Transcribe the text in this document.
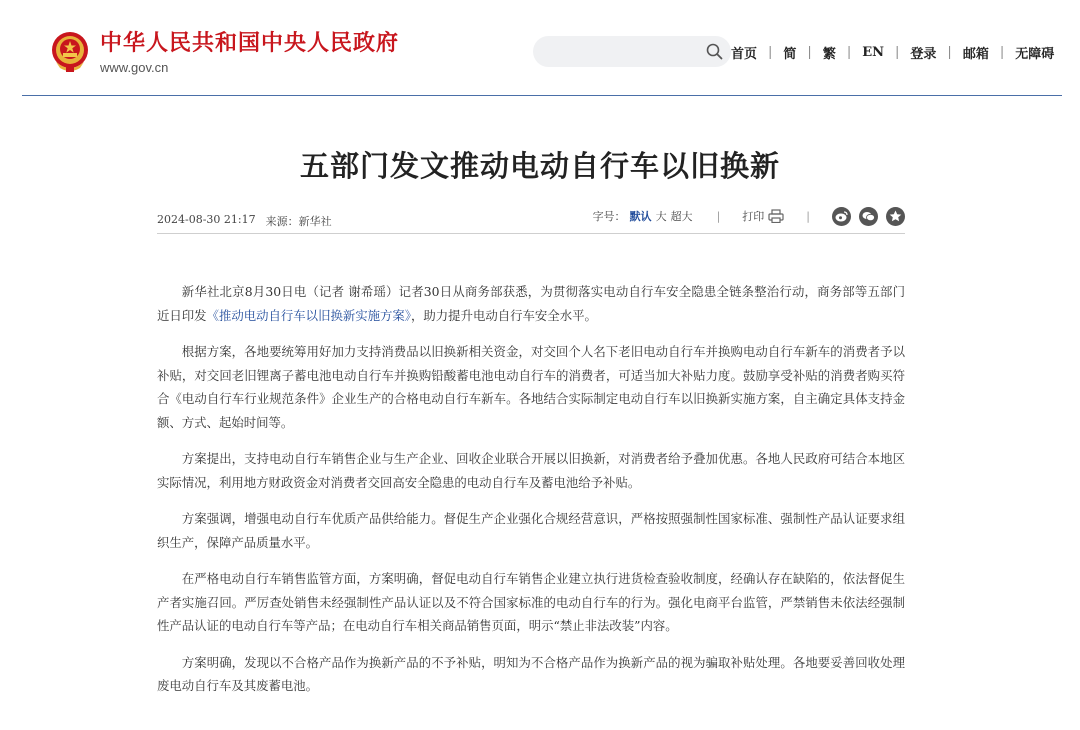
中华人民共和国中央人民政府
www.gov.cn
首页 | 简 | 繁 | EN | 登录 | 邮箱 | 无障碍
五部门发文推动电动自行车以旧换新
2024-08-30 21:17 来源：新华社	字号： 默认 大 超大 | 打印	|

新华社北京8月30日电（记者 谢希瑶）记者30日从商务部获悉，为贯彻落实电动自行车安全隐患全链条整治行动，商务部等五部门近日印发《推动电动自行车以旧换新实施方案》，助力提升电动自行车安全水平。

根据方案，各地要统筹用好加力支持消费品以旧换新相关资金，对交回个人名下老旧电动自行车并换购电动自行车新车的消费者予以补贴，对交回老旧锂离子蓄电池电动自行车并换购铅酸蓄电池电动自行车的消费者，可适当加大补贴力度。鼓励享受补贴的消费者购买符合《电动自行车行业规范条件》企业生产的合格电动自行车新车。各地结合实际制定电动自行车以旧换新实施方案，自主确定具体支持金额、方式、起始时间等。

方案提出，支持电动自行车销售企业与生产企业、回收企业联合开展以旧换新，对消费者给予叠加优惠。各地人民政府可结合本地区实际情况，利用地方财政资金对消费者交回高安全隐患的电动自行车及蓄电池给予补贴。

方案强调，增强电动自行车优质产品供给能力。督促生产企业强化合规经营意识，严格按照强制性国家标准、强制性产品认证要求组织生产，保障产品质量水平。

在严格电动自行车销售监管方面，方案明确，督促电动自行车销售企业建立执行进货检查验收制度，经确认存在缺陷的，依法督促生产者实施召回。严厉查处销售未经强制性产品认证以及不符合国家标准的电动自行车的行为。强化电商平台监管，严禁销售未依法经强制性产品认证的电动自行车等产品；在电动自行车相关商品销售页面，明示“禁止非法改装”内容。

方案明确，发现以不合格产品作为换新产品的不予补贴，明知为不合格产品作为换新产品的视为骗取补贴处理。各地要妥善回收处理废电动自行车及其废蓄电池。
